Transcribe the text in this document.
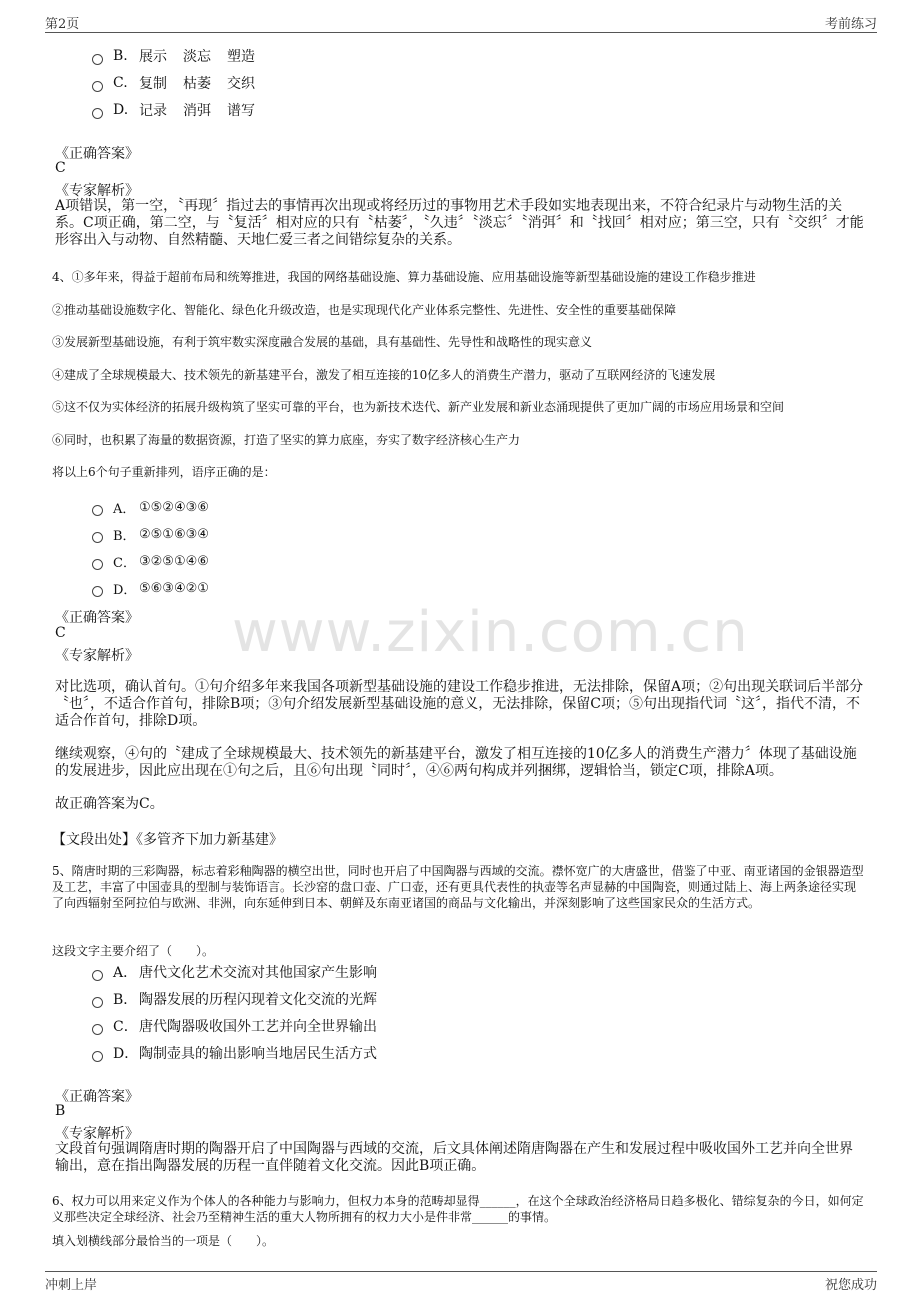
第2页	考前练习
www.zixin.com.cn
B. 展示 淡忘 塑造
C. 复制 枯萎 交织
D. 记录 消弭 谱写
《正确答案》
C
《专家解析》
A项错误，第一空，〝再现〞指过去的事情再次出现或将经历过的事物用艺术手段如实地表现出来，不符合纪录片与动物生活的关系。C项正确，第二空，与〝复活〞相对应的只有〝枯萎〞，〝久违〞〝淡忘〞〝消弭〞和〝找回〞相对应；第三空，只有〝交织〞才能形容出入与动物、自然精髓、天地仁爱三者之间错综复杂的关系。
4、①多年来，得益于超前布局和统筹推进，我国的网络基础设施、算力基础设施、应用基础设施等新型基础设施的建设工作稳步推进
②推动基础设施数字化、智能化、绿色化升级改造，也是实现现代化产业体系完整性、先进性、安全性的重要基础保障
③发展新型基础设施，有利于筑牢数实深度融合发展的基础，具有基础性、先导性和战略性的现实意义
④建成了全球规模最大、技术领先的新基建平台，激发了相互连接的10亿多人的消费生产潜力，驱动了互联网经济的飞速发展
⑤这不仅为实体经济的拓展升级构筑了坚实可靠的平台，也为新技术迭代、新产业发展和新业态涌现提供了更加广阔的市场应用场景和空间
⑥同时，也积累了海量的数据资源，打造了坚实的算力底座，夯实了数字经济核心生产力
将以上6个句子重新排列，语序正确的是：
A． ①⑤②④③⑥
B． ②⑤①⑥③④
C． ③②⑤①④⑥
D． ⑤⑥③④②①
《正确答案》
C
《专家解析》
对比选项，确认首句。①句介绍多年来我国各项新型基础设施的建设工作稳步推进，无法排除，保留A项；②句出现关联词后半部分〝也〞，不适合作首句，排除B项；③句介绍发展新型基础设施的意义，无法排除，保留C项；⑤句出现指代词〝这〞，指代不清，不适合作首句，排除D项。
继续观察，④句的〝建成了全球规模最大、技术领先的新基建平台，激发了相互连接的10亿多人的消费生产潜力〞体现了基础设施的发展进步，因此应出现在①句之后，且⑥句出现〝同时〞，④⑥两句构成并列捆绑，逻辑恰当，锁定C项，排除A项。
故正确答案为C。
【文段出处】《多管齐下加力新基建》
5、隋唐时期的三彩陶器，标志着彩釉陶器的横空出世，同时也开启了中国陶器与西域的交流。襟怀宽广的大唐盛世，借鉴了中亚、南亚诸国的金银器造型及工艺，丰富了中国壶具的型制与装饰语言。长沙窑的盘口壶、广口壶，还有更具代表性的执壶等名声显赫的中国陶瓷，则通过陆上、海上两条途径实现了向西辐射至阿拉伯与欧洲、非洲，向东延伸到日本、朝鲜及东南亚诸国的商品与文化输出，并深刻影响了这些国家民众的生活方式。
这段文字主要介绍了（　　）。
A． 唐代文化艺术交流对其他国家产生影响
B． 陶器发展的历程闪现着文化交流的光辉
C． 唐代陶器吸收国外工艺并向全世界输出
D． 陶制壶具的输出影响当地居民生活方式
《正确答案》
B
《专家解析》
文段首句强调隋唐时期的陶器开启了中国陶器与西域的交流，后文具体阐述隋唐陶器在产生和发展过程中吸收国外工艺并向全世界输出，意在指出陶器发展的历程一直伴随着文化交流。因此B项正确。
6、权力可以用来定义作为个体人的各种能力与影响力，但权力本身的范畴却显得______，在这个全球政治经济格局日趋多极化、错综复杂的今日，如何定义那些决定全球经济、社会乃至精神生活的重大人物所拥有的权力大小是件非常______的事情。
填入划横线部分最恰当的一项是（　　）。
冲刺上岸	祝您成功
